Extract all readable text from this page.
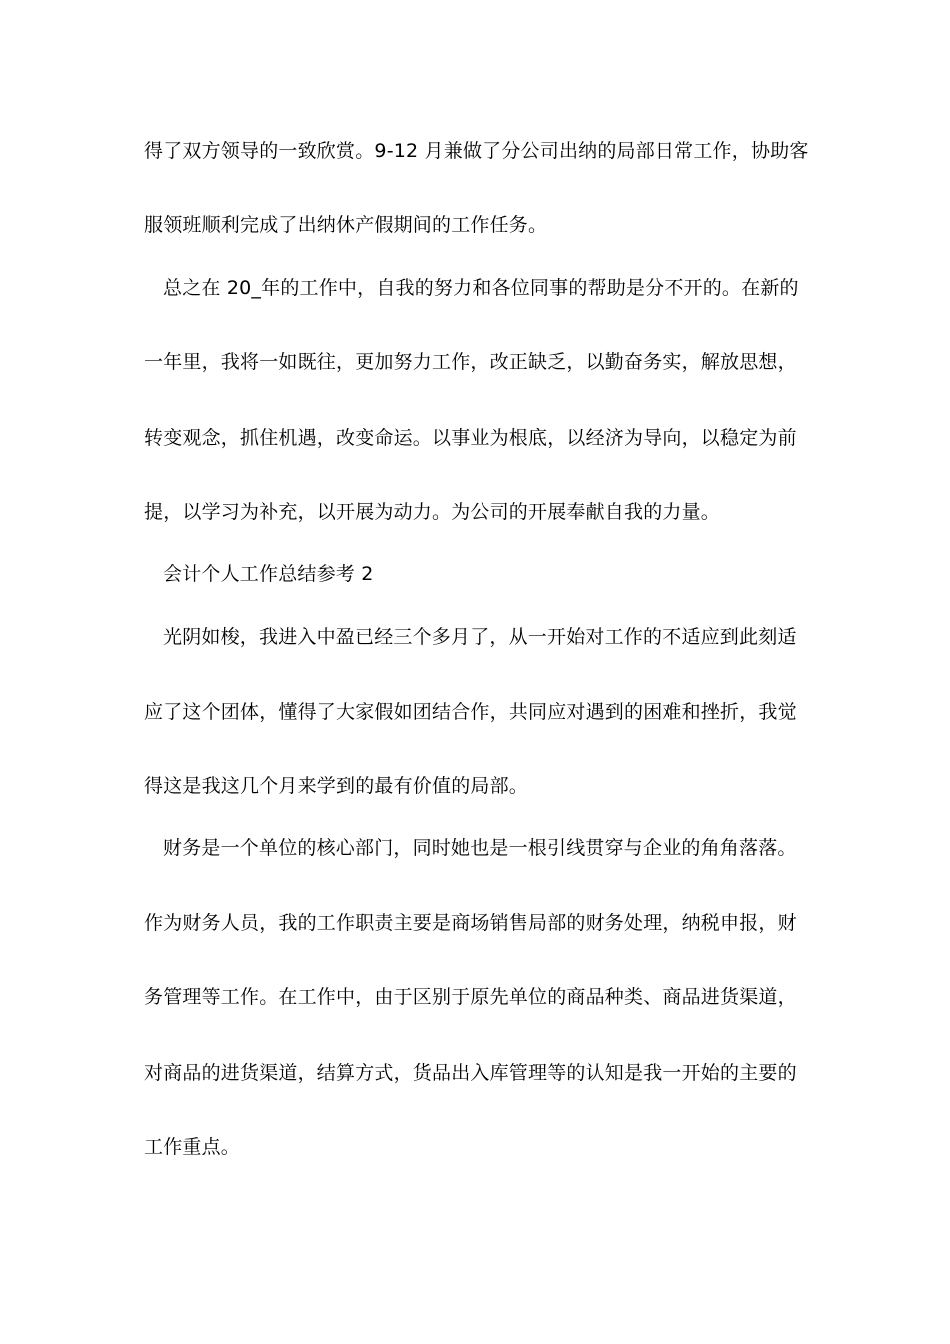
得了双方领导的一致欣赏。9-12 月兼做了分公司出纳的局部日常工作，协助客
服领班顺利完成了出纳休产假期间的工作任务。
总之在 20_年的工作中，自我的努力和各位同事的帮助是分不开的。在新的
一年里，我将一如既往，更加努力工作，改正缺乏，以勤奋务实，解放思想，
转变观念，抓住机遇，改变命运。以事业为根底，以经济为导向，以稳定为前
提，以学习为补充，以开展为动力。为公司的开展奉献自我的力量。
会计个人工作总结参考 2
光阴如梭，我进入中盈已经三个多月了，从一开始对工作的不适应到此刻适
应了这个团体，懂得了大家假如团结合作，共同应对遇到的困难和挫折，我觉
得这是我这几个月来学到的最有价值的局部。
财务是一个单位的核心部门，同时她也是一根引线贯穿与企业的角角落落。
作为财务人员，我的工作职责主要是商场销售局部的财务处理，纳税申报，财
务管理等工作。在工作中，由于区别于原先单位的商品种类、商品进货渠道，
对商品的进货渠道，结算方式，货品出入库管理等的认知是我一开始的主要的
工作重点。
